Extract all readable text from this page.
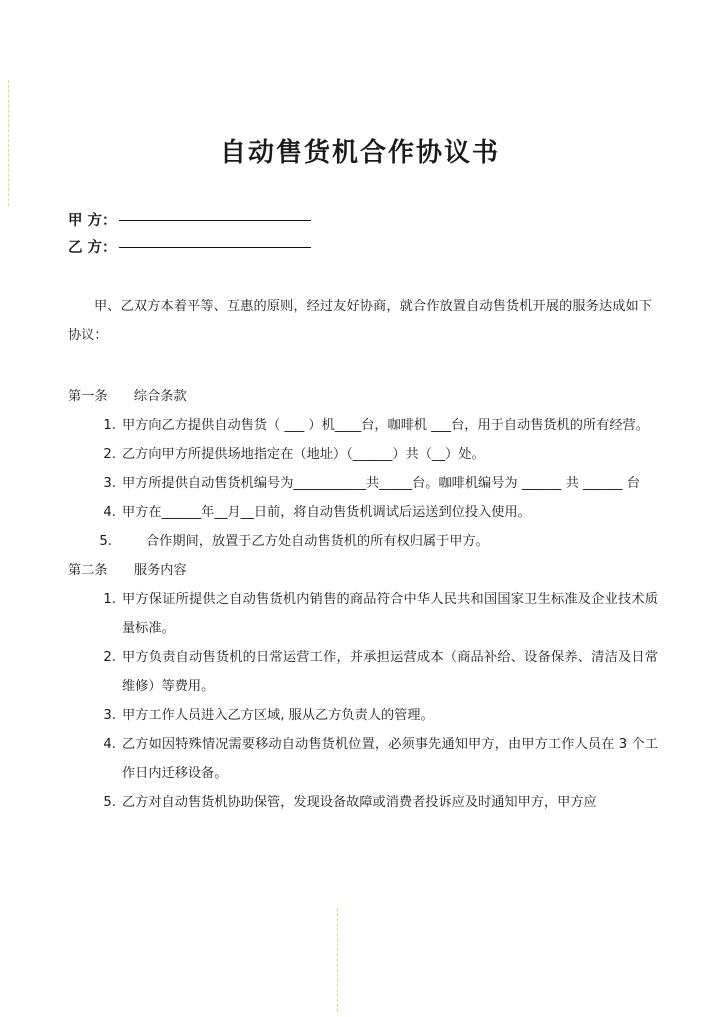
自动售货机合作协议书
甲 方：
乙 方：
甲、乙双方本着平等、互惠的原则，经过友好协商，就合作放置自动售货机开展的服务达成如下协议：
第一条　　综合条款
1. 甲方向乙方提供自动售货（ ___ ）机____台，咖啡机 ___台，用于自动售货机的所有经营。
2. 乙方向甲方所提供场地指定在（地址）（______）共（__）处。
3. 甲方所提供自动售货机编号为___________共_____台。咖啡机编号为 ______ 共 ______ 台
4. 甲方在______年__月__日前，将自动售货机调试后运送到位投入使用。
5.	合作期间，放置于乙方处自动售货机的所有权归属于甲方。
第二条　　服务内容
1. 甲方保证所提供之自动售货机内销售的商品符合中华人民共和国国家卫生标准及企业技术质量标准。
2. 甲方负责自动售货机的日常运营工作，并承担运营成本（商品补给、设备保养、清洁及日常维修）等费用。
3. 甲方工作人员进入乙方区域, 服从乙方负责人的管理。
4. 乙方如因特殊情况需要移动自动售货机位置，必须事先通知甲方，由甲方工作人员在 3 个工作日内迁移设备。
5. 乙方对自动售货机协助保管，发现设备故障或消费者投诉应及时通知甲方，甲方应
